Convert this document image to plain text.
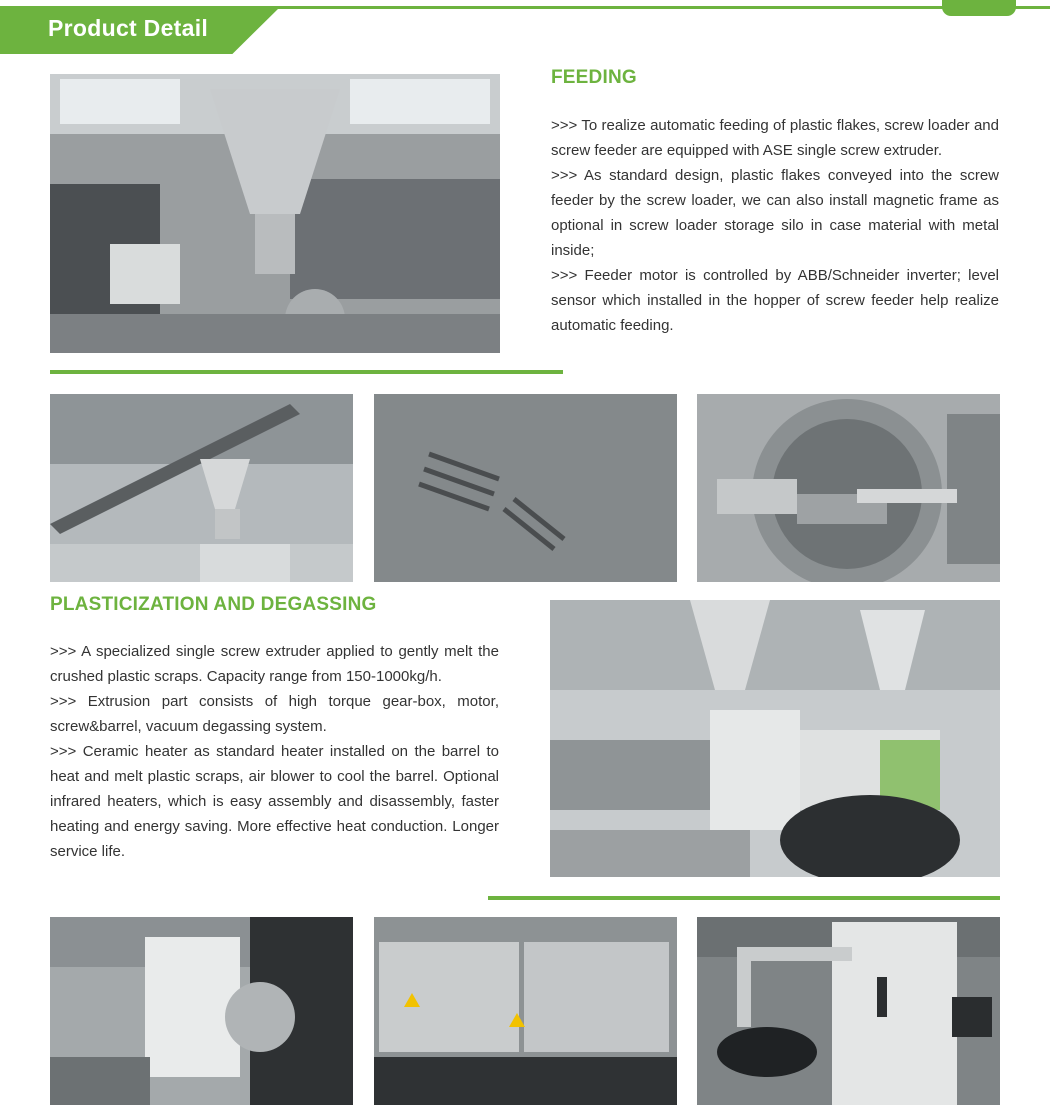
Product Detail
FEEDING

>>> To realize automatic feeding of plastic flakes, screw loader and screw feeder are equipped with ASE single screw extruder.

>>> As standard design, plastic flakes conveyed into the screw feeder by the screw loader, we can also install magnetic frame as optional in screw loader storage silo in case material with metal inside;

>>> Feeder motor is controlled by ABB/Schneider inverter; level sensor which installed in the hopper of screw feeder help realize automatic feeding.

PLASTICIZATION AND DEGASSING

>>> A specialized single screw extruder applied to gently melt the crushed plastic scraps. Capacity range from 150-1000kg/h.

>>> Extrusion part consists of high torque gear-box, motor, screw&barrel, vacuum degassing system.

>>> Ceramic heater as standard heater installed on the barrel to heat and melt plastic scraps, air blower to cool the barrel. Optional infrared heaters, which is easy assembly and disassembly, faster heating and energy saving. More effective heat conduction. Longer service life.
